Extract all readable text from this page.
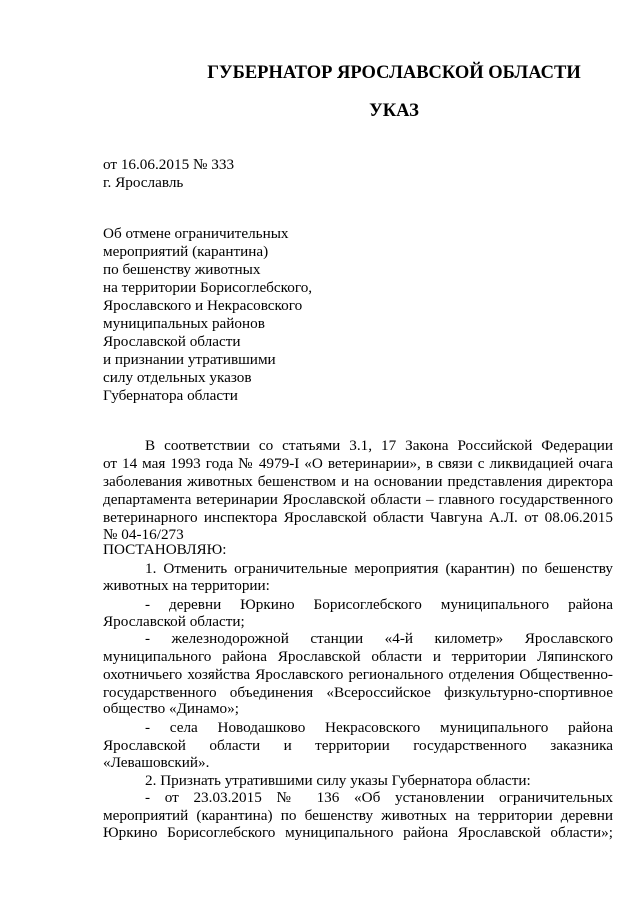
ГУБЕРНАТОР ЯРОСЛАВСКОЙ ОБЛАСТИ
УКАЗ
от 16.06.2015 № 333
г. Ярославль
Об отмене ограничительных
мероприятий (карантина)
по бешенству животных
на территории Борисоглебского,
Ярославского и Некрасовского
муниципальных районов
Ярославской области
и признании утратившими
силу отдельных указов
Губернатора области
В соответствии со статьями 3.1, 17 Закона Российской Федерации
от 14 мая 1993 года № 4979-I «О ветеринарии», в связи с ликвидацией очага
заболевания животных бешенством и на основании представления директора
департамента ветеринарии Ярославской области – главного государственного
ветеринарного инспектора Ярославской области Чавгуна А.Л. от 08.06.2015
№ 04-16/273
ПОСТАНОВЛЯЮ:
1. Отменить ограничительные мероприятия (карантин) по бешенству
животных на территории:
- деревни Юркино Борисоглебского муниципального района
Ярославской области;
- железнодорожной станции «4-й километр» Ярославского
муниципального района Ярославской области и территории Ляпинского
охотничьего хозяйства Ярославского регионального отделения Общественно-
государственного объединения «Всероссийское физкультурно-спортивное
общество «Динамо»;
- села Новодашково Некрасовского муниципального района
Ярославской области и территории государственного заказника
«Левашовский».
2. Признать утратившими силу указы Губернатора области:
- от 23.03.2015 № 136 «Об установлении ограничительных
мероприятий (карантина) по бешенству животных на территории деревни
Юркино Борисоглебского муниципального района Ярославской области»;
